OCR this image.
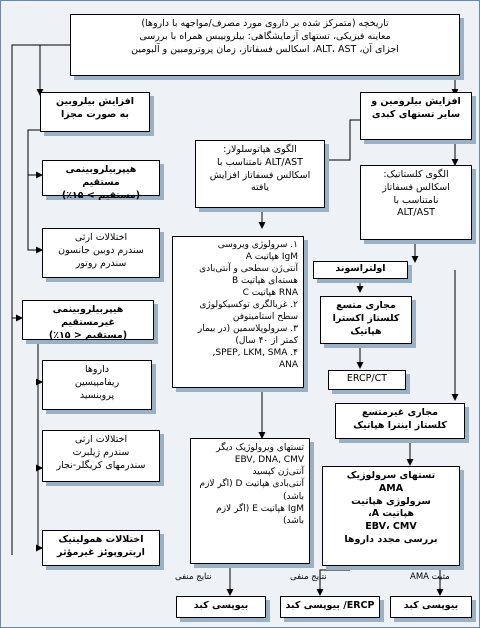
تاریخچه (متمرکز شده بر داروی مورد مصرف/مواجهه با داروها)
معاینه فیزیکی، تستهای آزمایشگاهی: بیلروبیبس همراه با بررسی
اجزای آن، ALT، AST، اسکالس فسفاتاز، زمان پروترومبین و آلبومین
افزایش بیلروبین
به صورت مجزا
افزایش بیلرومین و
سایر تستهای کبدی
الگوی هپاتوسلولار:
ALT/AST نامتناسب با
اسکالس فسفاتاز افزایش یافته
الگوی کلستاتیک:
اسکالس فسفاتاز
نامتناسب با
ALT/AST
هیپربیلروبینمی مستقیم
(مستقیم > ۱۵٪)
اختلالات ارثی
سندرم دوبین جانسون
سندرم روتور
۱. سرولوژی ویروسی
IgM هپاتیت A
آنتی‌ژن سطحی و آنتی‌بادی
هسته‌ای هپاتیت B
RNA هپاتیت C
۲. غربالگری توکسیکولوژی
سطح استامینوفن
۳. سرولوپلاسمین (در بیمار
کمتر از ۴۰ سال)
۴. SPEP, LKM, SMA,
ANA
اولتراسوند
مجاری متسع
کلستاز اکسترا هپاتیک
هیپربیلروبینمی غیرمستقیم
(مستقیم < ۱۵٪)
داروها
ریفامپیسین
پروبنسید
ERCP/CT
مجاری غیرمتسع
کلستاز اینترا هپاتیک
اختلالات ارثی
سندرم ژیلبرت
سندرمهای کریگلر-نجار
تستهای ویرولوژیک دیگر
EBV, DNA, CMV
آنتی‌ژن کپسید
آنتی‌بادی هپاتیت D (اگر لازم
باشد)
IgM هپاتیت E (اگر لازم
باشد)
تستهای سرولوژیک
AMA
سرولوژی هپاتیت
هپاتیت A،
EBV، CMV
بررسی مجدد داروها
اختلالات همولیتیک
اریتروپوئز غیرمؤثر
نتایج منفی	نتایج منفی	مثبت AMA
بیوپسی کبد	ERCP/ بیوپسی کبد	بیوپسی کبد
